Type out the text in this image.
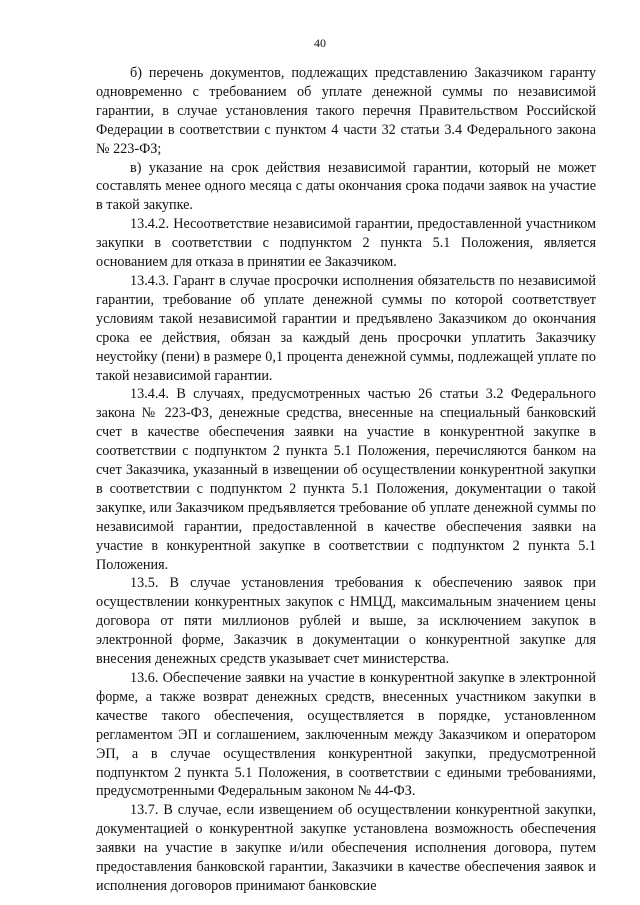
40

б) перечень документов, подлежащих представлению Заказчиком гаранту одновременно с требованием об уплате денежной суммы по независимой гарантии, в случае установления такого перечня Правительством Российской Федерации в соответствии с пунктом 4 части 32 статьи 3.4 Федерального закона № 223-ФЗ;

в) указание на срок действия независимой гарантии, который не может составлять менее одного месяца с даты окончания срока подачи заявок на участие в такой закупке.

13.4.2. Несоответствие независимой гарантии, предоставленной участником закупки в соответствии с подпунктом 2 пункта 5.1 Положения, является основанием для отказа в принятии ее Заказчиком.

13.4.3. Гарант в случае просрочки исполнения обязательств по независимой гарантии, требование об уплате денежной суммы по которой соответствует условиям такой независимой гарантии и предъявлено Заказчиком до окончания срока ее действия, обязан за каждый день просрочки уплатить Заказчику неустойку (пени) в размере 0,1 процента денежной суммы, подлежащей уплате по такой независимой гарантии.

13.4.4. В случаях, предусмотренных частью 26 статьи 3.2 Федерального закона № 223-ФЗ, денежные средства, внесенные на специальный банковский счет в качестве обеспечения заявки на участие в конкурентной закупке в соответствии с подпунктом 2 пункта 5.1 Положения, перечисляются банком на счет Заказчика, указанный в извещении об осуществлении конкурентной закупки в соответствии с подпунктом 2 пункта 5.1 Положения, документации о такой закупке, или Заказчиком предъявляется требование об уплате денежной суммы по независимой гарантии, предоставленной в качестве обеспечения заявки на участие в конкурентной закупке в соответствии с подпунктом 2 пункта 5.1 Положения.

13.5. В случае установления требования к обеспечению заявок при осуществлении конкурентных закупок с НМЦД, максимальным значением цены договора от пяти миллионов рублей и выше, за исключением закупок в электронной форме, Заказчик в документации о конкурентной закупке для внесения денежных средств указывает счет министерства.

13.6. Обеспечение заявки на участие в конкурентной закупке в электронной форме, а также возврат денежных средств, внесенных участником закупки в качестве такого обеспечения, осуществляется в порядке, установленном регламентом ЭП и соглашением, заключенным между Заказчиком и оператором ЭП, а в случае осуществления конкурентной закупки, предусмотренной подпунктом 2 пункта 5.1 Положения, в соответствии с едиными требованиями, предусмотренными Федеральным законом № 44-ФЗ.

13.7. В случае, если извещением об осуществлении конкурентной закупки, документацией о конкурентной закупке установлена возможность обеспечения заявки на участие в закупке и/или обеспечения исполнения договора, путем предоставления банковской гарантии, Заказчики в качестве обеспечения заявок и исполнения договоров принимают банковские
